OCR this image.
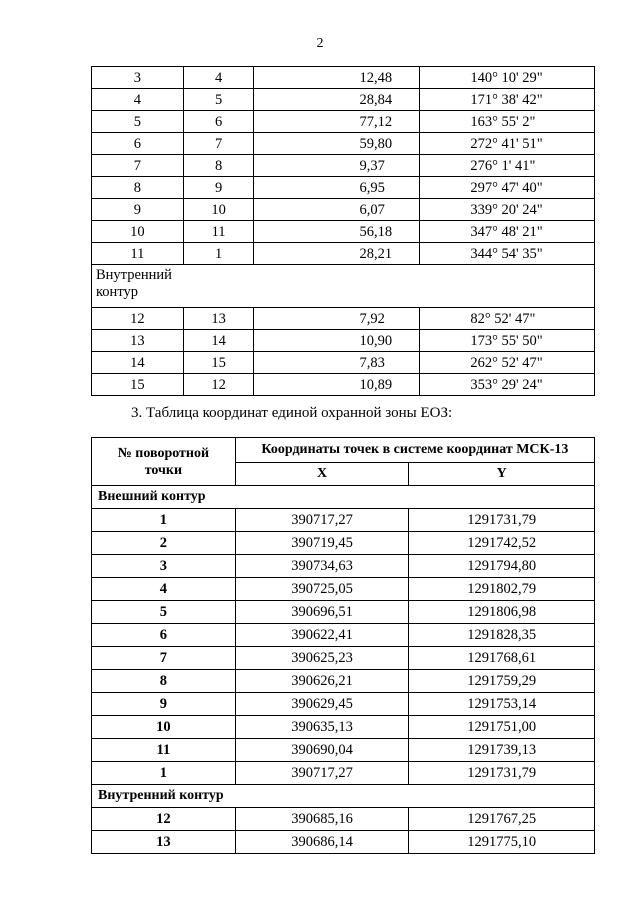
2
3	4	12,48	140° 10' 29"
4	5	28,84	171° 38' 42"
5	6	77,12	163° 55' 2"
6	7	59,80	272° 41' 51"
7	8	9,37	276° 1' 41"
8	9	6,95	297° 47' 40"
9	10	6,07	339° 20' 24"
10	11	56,18	347° 48' 21"
11	1	28,21	344° 54' 35"
Внутренний
контур			
12	13	7,92	82° 52' 47"
13	14	10,90	173° 55' 50"
14	15	7,83	262° 52' 47"
15	12	10,89	353° 29' 24"
3. Таблица координат единой охранной зоны ЕОЗ:
№ поворотной
точки	Координаты точек в системе координат МСК-13	
	X	Y
Внешний контур		
1	390717,27	1291731,79
2	390719,45	1291742,52
3	390734,63	1291794,80
4	390725,05	1291802,79
5	390696,51	1291806,98
6	390622,41	1291828,35
7	390625,23	1291768,61
8	390626,21	1291759,29
9	390629,45	1291753,14
10	390635,13	1291751,00
11	390690,04	1291739,13
1	390717,27	1291731,79
Внутренний контур		
12	390685,16	1291767,25
13	390686,14	1291775,10
